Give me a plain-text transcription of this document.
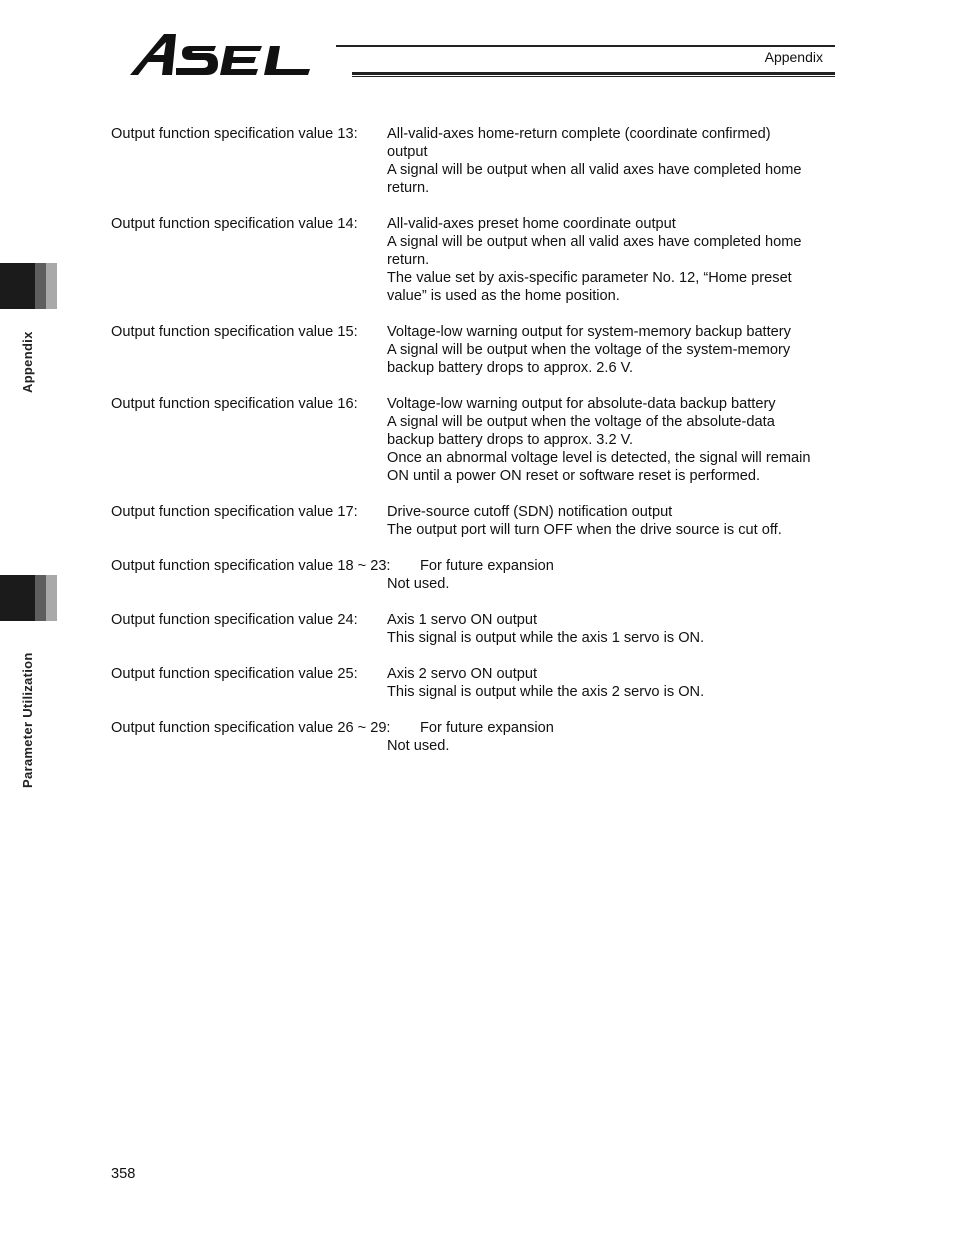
Appendix
Appendix
Parameter Utilization
Output function specification value 13: All-valid-axes home-return complete (coordinate confirmed)
output
A signal will be output when all valid axes have completed home
return.
Output function specification value 14: All-valid-axes preset home coordinate output
A signal will be output when all valid axes have completed home
return.
The value set by axis-specific parameter No. 12, “Home preset
value” is used as the home position.
Output function specification value 15: Voltage-low warning output for system-memory backup battery
A signal will be output when the voltage of the system-memory
backup battery drops to approx. 2.6 V.
Output function specification value 16: Voltage-low warning output for absolute-data backup battery
A signal will be output when the voltage of the absolute-data
backup battery drops to approx. 3.2 V.
Once an abnormal voltage level is detected, the signal will remain
ON until a power ON reset or software reset is performed.
Output function specification value 17: Drive-source cutoff (SDN) notification output
The output port will turn OFF when the drive source is cut off.
Output function specification value 18 ~ 23: For future expansion

Not used.
Output function specification value 24: Axis 1 servo ON output
This signal is output while the axis 1 servo is ON.
Output function specification value 25: Axis 2 servo ON output
This signal is output while the axis 2 servo is ON.
Output function specification value 26 ~ 29: For future expansion

Not used.
358
